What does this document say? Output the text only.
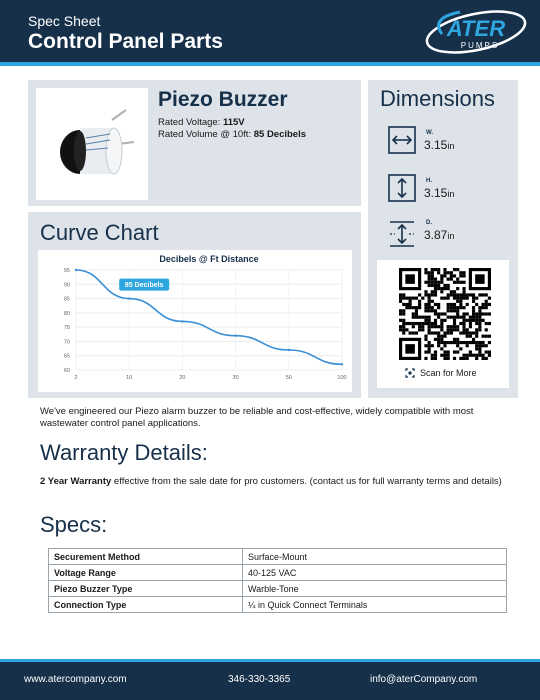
Spec Sheet
Control Panel Parts
ATER
PUMPS
Piezo Buzzer
Rated Voltage: 115V
Rated Volume @ 10ft: 85 Decibels
Curve Chart
Decibels @ Ft Distance
95
90
85
80
75
70
65
60
2	10	20	30	50	100
85 Decibels
Dimensions
W.
3.15in
H.
3.15in
D.
3.87in
Scan for More
We've engineered our Piezo alarm buzzer to be reliable and cost-effective, widely compatible with most wastewater control panel applications.
Warranty Details:
2 Year Warranty effective from the sale date for pro customers. (contact us for full warranty terms and details)
Specs:
Securement Method	Surface-Mount
Voltage Range	40-125 VAC
Piezo Buzzer Type	Warble-Tone
Connection Type	¼ in Quick Connect Terminals
www.atercompany.com	346-330-3365	info@aterCompany.com
